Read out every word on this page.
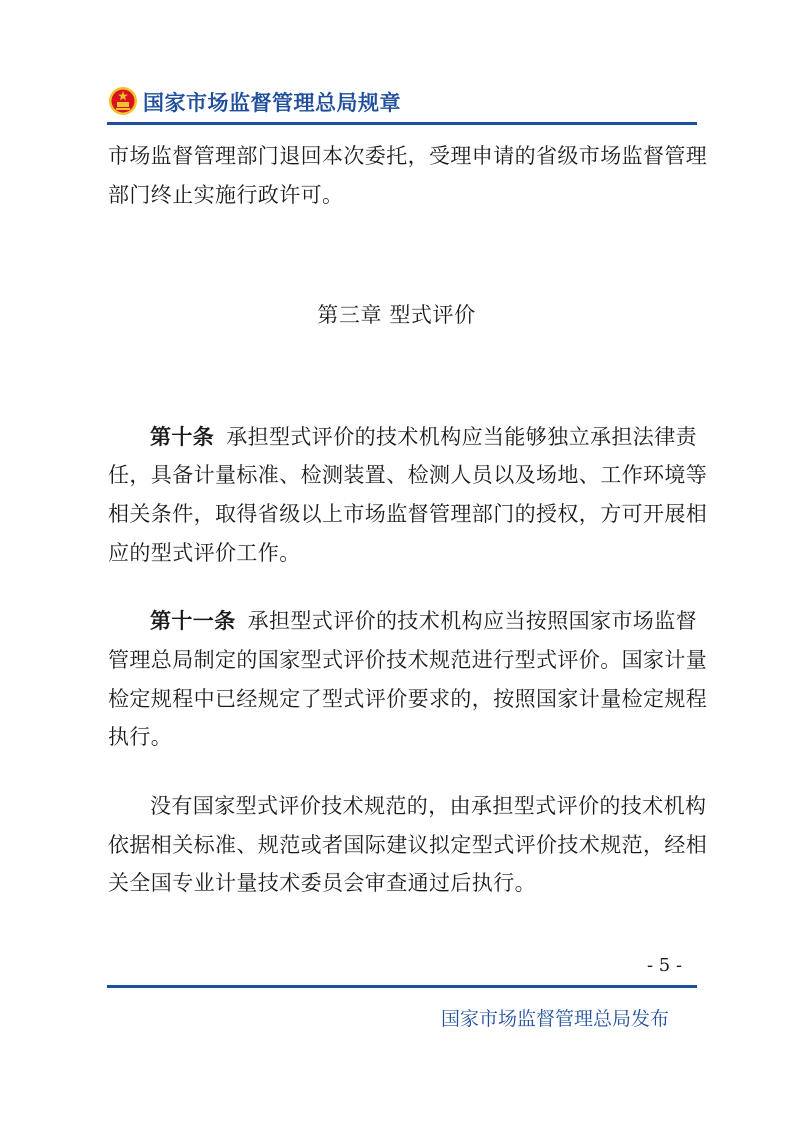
国家市场监督管理总局规章
市场监督管理部门退回本次委托，受理申请的省级市场监督管理
部门终止实施行政许可。
第三章 型式评价
第十条 承担型式评价的技术机构应当能够独立承担法律责
任，具备计量标准、检测装置、检测人员以及场地、工作环境等
相关条件，取得省级以上市场监督管理部门的授权，方可开展相
应的型式评价工作。
第十一条 承担型式评价的技术机构应当按照国家市场监督
管理总局制定的国家型式评价技术规范进行型式评价。国家计量
检定规程中已经规定了型式评价要求的，按照国家计量检定规程
执行。
没有国家型式评价技术规范的，由承担型式评价的技术机构
依据相关标准、规范或者国际建议拟定型式评价技术规范，经相
关全国专业计量技术委员会审查通过后执行。
- 5 -
国家市场监督管理总局发布
